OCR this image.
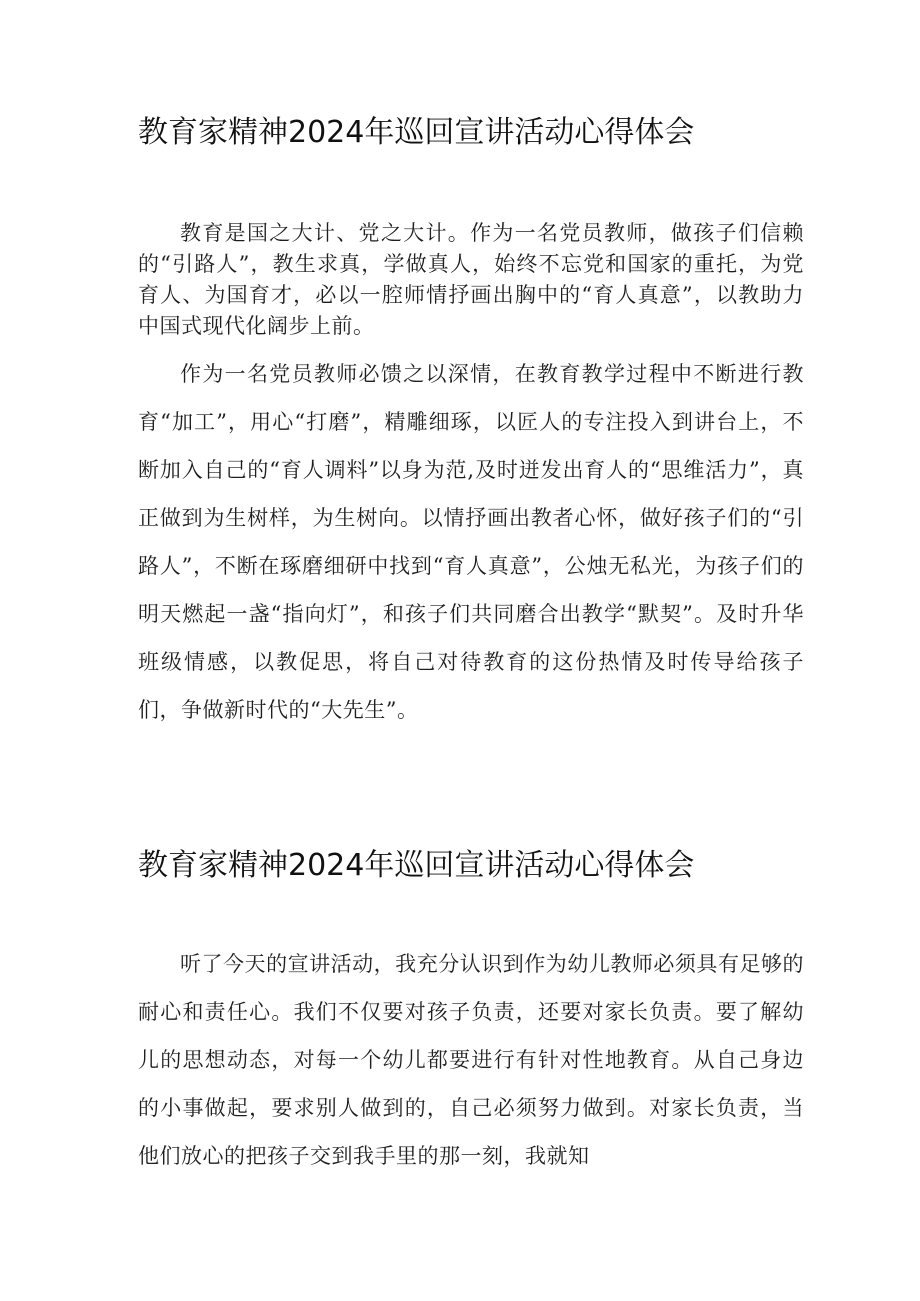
教育家精神2024年巡回宣讲活动心得体会

教育是国之大计、党之大计。作为一名党员教师，做孩子们信赖的“引路人”，教生求真，学做真人，始终不忘党和国家的重托，为党育人、为国育才，必以一腔师情抒画出胸中的“育人真意”，以教助力中国式现代化阔步上前。

作为一名党员教师必馈之以深情，在教育教学过程中不断进行教育“加工”，用心“打磨”，精雕细琢，以匠人的专注投入到讲台上，不断加入自己的“育人调料”以身为范,及时迸发出育人的“思维活力”，真正做到为生树样，为生树向。以情抒画出教者心怀，做好孩子们的“引路人”，不断在琢磨细研中找到“育人真意”，公烛无私光，为孩子们的明天燃起一盏“指向灯”，和孩子们共同磨合出教学“默契”。及时升华班级情感，以教促思，将自己对待教育的这份热情及时传导给孩子们，争做新时代的“大先生”。

教育家精神2024年巡回宣讲活动心得体会

听了今天的宣讲活动，我充分认识到作为幼儿教师必须具有足够的耐心和责任心。我们不仅要对孩子负责，还要对家长负责。要了解幼儿的思想动态，对每一个幼儿都要进行有针对性地教育。从自己身边的小事做起，要求别人做到的，自己必须努力做到。对家长负责，当他们放心的把孩子交到我手里的那一刻，我就知
